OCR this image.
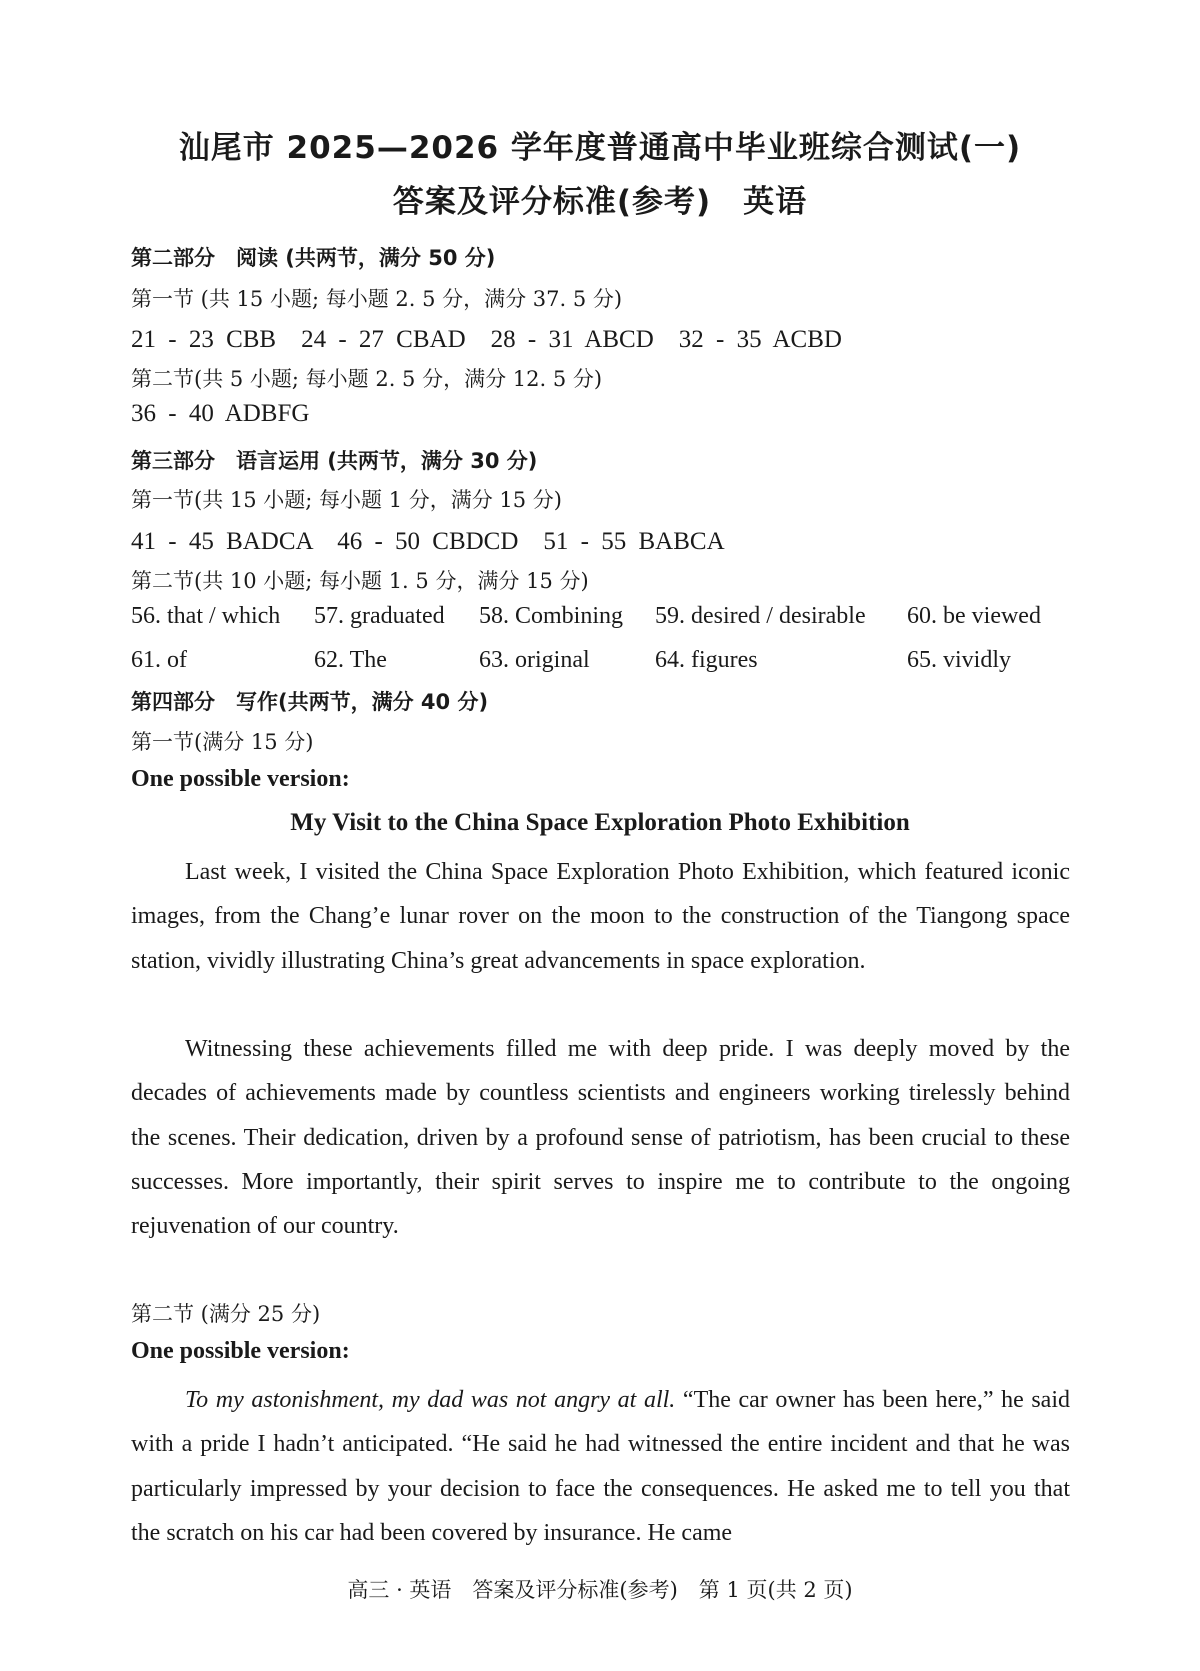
汕尾市 2025—2026 学年度普通高中毕业班综合测试(一)
答案及评分标准(参考)　英语
第二部分　阅读 (共两节，满分 50 分)
第一节 (共 15 小题; 每小题 2. 5 分，满分 37. 5 分)
21 - 23 CBB　24 - 27 CBAD　28 - 31 ABCD　32 - 35 ACBD
第二节(共 5 小题; 每小题 2. 5 分，满分 12. 5 分)
36 - 40 ADBFG
第三部分　语言运用 (共两节，满分 30 分)
第一节(共 15 小题; 每小题 1 分，满分 15 分)
41 - 45 BADCA　46 - 50 CBDCD　51 - 55 BABCA
第二节(共 10 小题; 每小题 1. 5 分，满分 15 分)
56. that / which 57. graduated 58. Combining 59. desired / desirable 60. be viewed
61. of	62. The	63. original	64. figures	65. vividly
第四部分　写作(共两节，满分 40 分)
第一节(满分 15 分)
One possible version:
My Visit to the China Space Exploration Photo Exhibition
Last week, I visited the China Space Exploration Photo Exhibition, which featured iconic images, from the Chang’e lunar rover on the moon to the construction of the Tiangong space station, vividly illustrating China’s great advancements in space exploration.
Witnessing these achievements filled me with deep pride. I was deeply moved by the decades of achievements made by countless scientists and engineers working tirelessly behind the scenes. Their dedication, driven by a profound sense of patriotism, has been crucial to these successes. More importantly, their spirit serves to inspire me to contribute to the ongoing rejuvenation of our country.
第二节 (满分 25 分)
One possible version:
To my astonishment, my dad was not angry at all. “The car owner has been here,” he said with a pride I hadn’t anticipated. “He said he had witnessed the entire incident and that he was particularly impressed by your decision to face the consequences. He asked me to tell you that the scratch on his car had been covered by insurance. He came
高三 · 英语　答案及评分标准(参考)　第 1 页(共 2 页)
